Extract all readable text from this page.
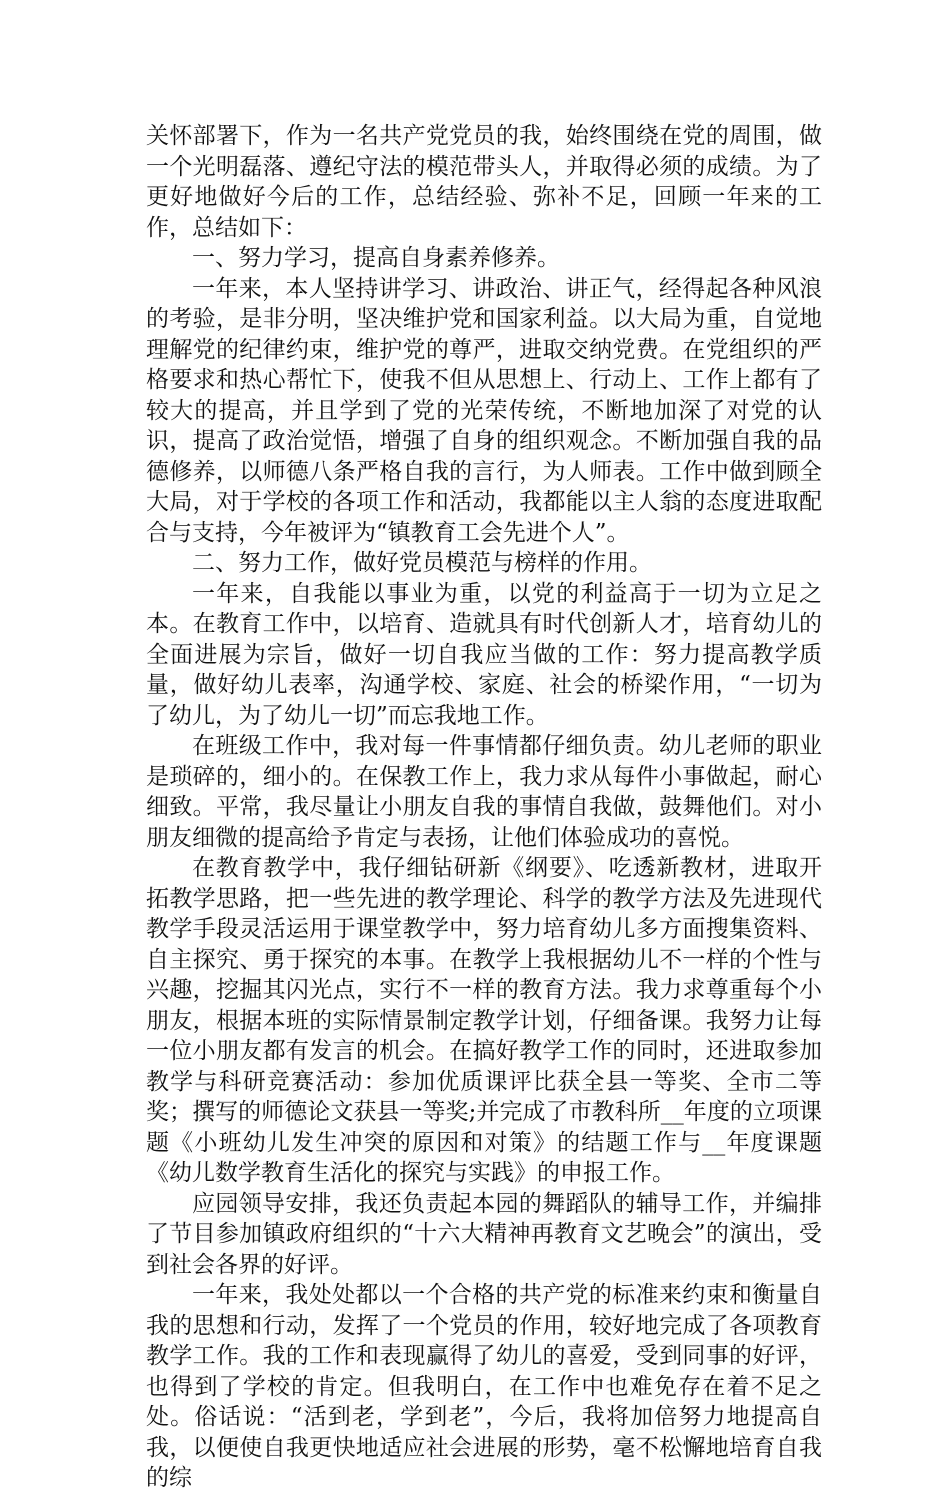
关怀部署下，作为一名共产党党员的我，始终围绕在党的周围，做一个光明磊落、遵纪守法的模范带头人，并取得必须的成绩。为了更好地做好今后的工作，总结经验、弥补不足，回顾一年来的工作，总结如下：

一、努力学习，提高自身素养修养。

一年来，本人坚持讲学习、讲政治、讲正气，经得起各种风浪的考验，是非分明，坚决维护党和国家利益。以大局为重，自觉地理解党的纪律约束，维护党的尊严，进取交纳党费。在党组织的严格要求和热心帮忙下，使我不但从思想上、行动上、工作上都有了较大的提高，并且学到了党的光荣传统，不断地加深了对党的认识，提高了政治觉悟，增强了自身的组织观念。不断加强自我的品德修养，以师德八条严格自我的言行，为人师表。工作中做到顾全大局，对于学校的各项工作和活动，我都能以主人翁的态度进取配合与支持，今年被评为“镇教育工会先进个人”。

二、努力工作，做好党员模范与榜样的作用。

一年来，自我能以事业为重，以党的利益高于一切为立足之本。在教育工作中，以培育、造就具有时代创新人才，培育幼儿的全面进展为宗旨，做好一切自我应当做的工作：努力提高教学质量，做好幼儿表率，沟通学校、家庭、社会的桥梁作用，“一切为了幼儿，为了幼儿一切”而忘我地工作。

在班级工作中，我对每一件事情都仔细负责。幼儿老师的职业是琐碎的，细小的。在保教工作上，我力求从每件小事做起，耐心细致。平常，我尽量让小朋友自我的事情自我做，鼓舞他们。对小朋友细微的提高给予肯定与表扬，让他们体验成功的喜悦。

在教育教学中，我仔细钻研新《纲要》、吃透新教材，进取开拓教学思路，把一些先进的教学理论、科学的教学方法及先进现代教学手段灵活运用于课堂教学中，努力培育幼儿多方面搜集资料、自主探究、勇于探究的本事。在教学上我根据幼儿不一样的个性与兴趣，挖掘其闪光点，实行不一样的教育方法。我力求尊重每个小朋友，根据本班的实际情景制定教学计划，仔细备课。我努力让每一位小朋友都有发言的机会。在搞好教学工作的同时，还进取参加教学与科研竞赛活动：参加优质课评比获全县一等奖、全市二等奖；撰写的师德论文获县一等奖;并完成了市教科所__年度的立项课题《小班幼儿发生冲突的原因和对策》的结题工作与__年度课题《幼儿数学教育生活化的探究与实践》的申报工作。

应园领导安排，我还负责起本园的舞蹈队的辅导工作，并编排了节目参加镇政府组织的“十六大精神再教育文艺晚会”的演出，受到社会各界的好评。

一年来，我处处都以一个合格的共产党的标准来约束和衡量自我的思想和行动，发挥了一个党员的作用，较好地完成了各项教育教学工作。我的工作和表现赢得了幼儿的喜爱，受到同事的好评，也得到了学校的肯定。但我明白，在工作中也难免存在着不足之处。俗话说：“活到老，学到老”，今后，我将加倍努力地提高自我，以便使自我更快地适应社会进展的形势，毫不松懈地培育自我的综
